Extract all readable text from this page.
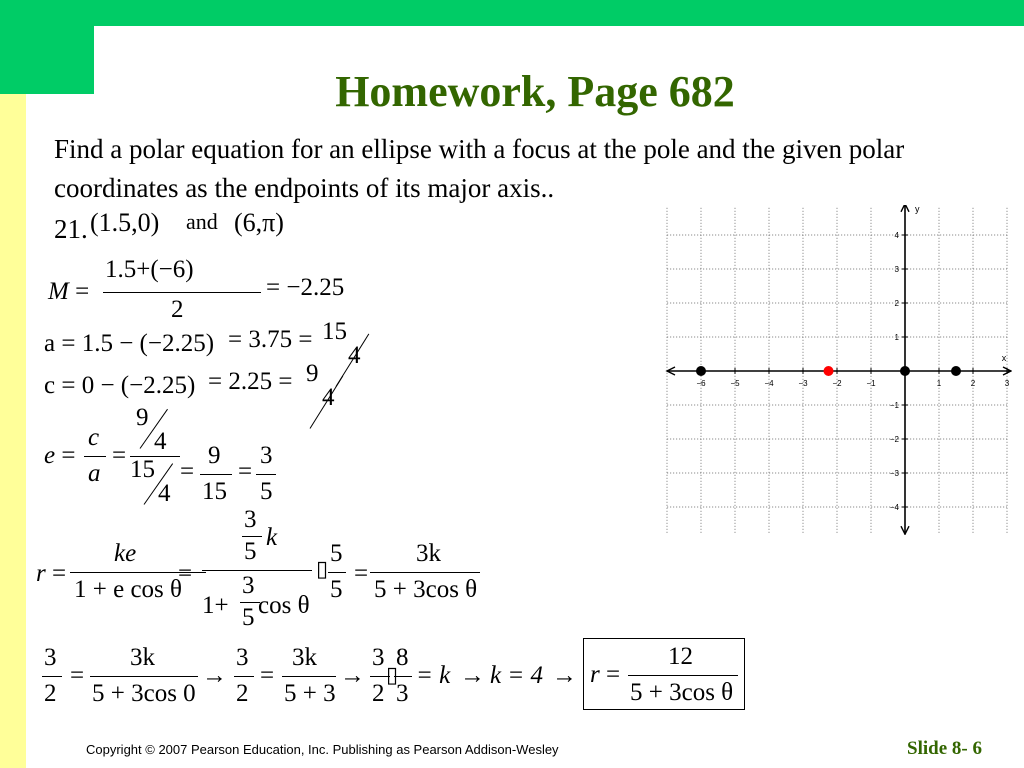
Homework, Page 682
Find a polar equation for an ellipse with a focus at the pole and the given polar coordinates as the endpoints of its major axis..
21. (1.5,0) and (6,π)
M =
1.5+(−6)
2
= −2.25
a = 1.5 − (−2.25) = 3.75 = 15
4
c = 0 − (−2.25) = 2.25 = 9
4
e =
c
a
=
9
4
15
4
=
9
15
=
3
5
r =
ke
1 + e cos θ
=
3
5
k
1+
3
5 cos θ
▯
5
5
=
3k
5 + 3cos θ
3
2
=
3k
5 + 3cos 0
→
3
2
=
3k
5 + 3
→
3
2
▯
8
3
= k → k = 4 → r =
12
5 + 3cos θ
−6	−5	−4	−3	−2	−1	1	2	3
4
3
2
1
−1
−2
−3
−4
x
y
Copyright © 2007 Pearson Education, Inc. Publishing as Pearson Addison-Wesley	Slide 8- 6
